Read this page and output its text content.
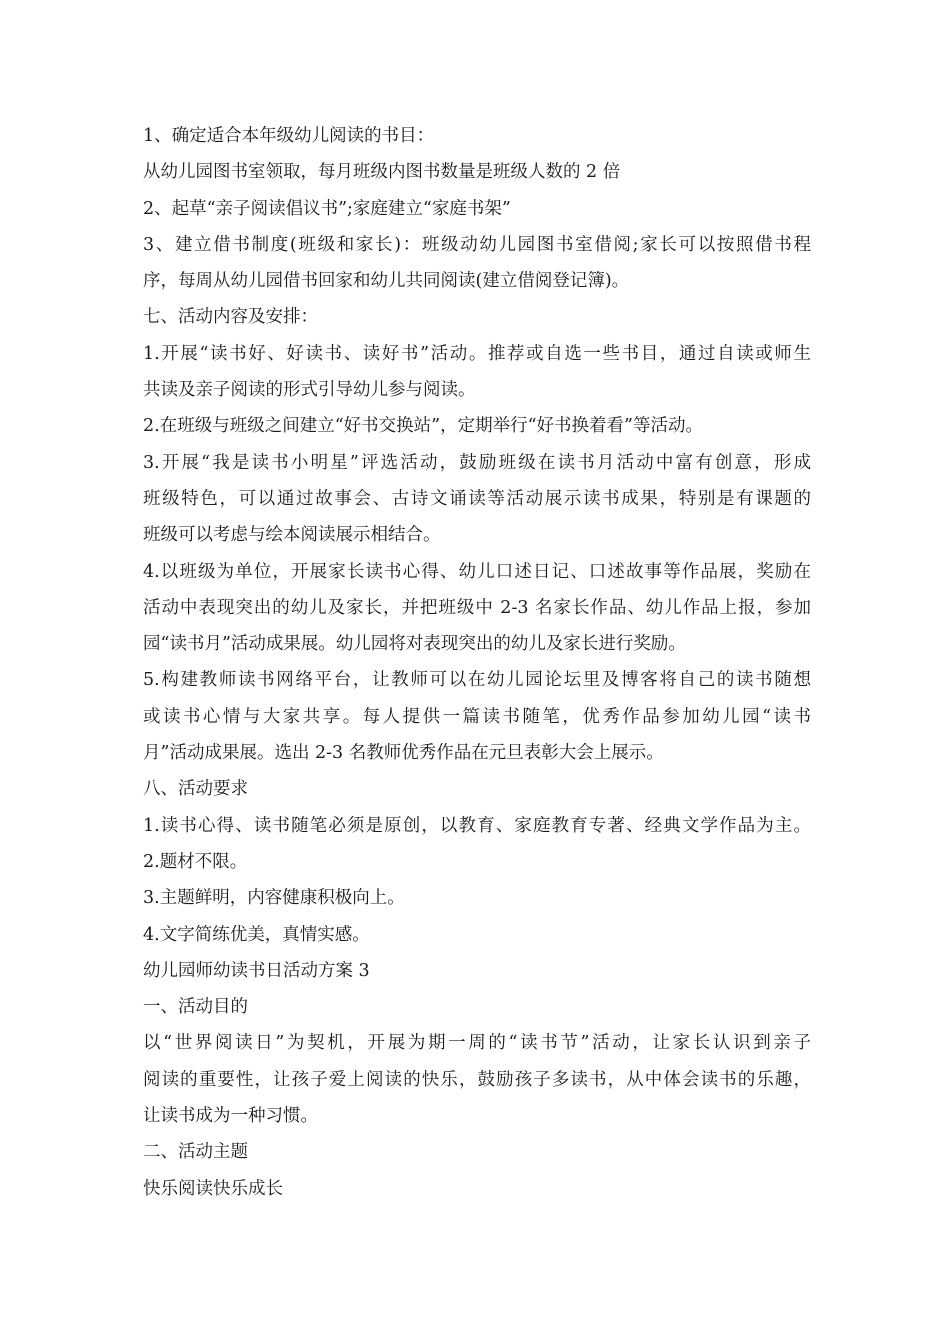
1、确定适合本年级幼儿阅读的书目：
从幼儿园图书室领取，每月班级内图书数量是班级人数的 2 倍
2、起草“亲子阅读倡议书”;家庭建立“家庭书架”
3、建立借书制度(班级和家长)：班级动幼儿园图书室借阅;家长可以按照借书程
序，每周从幼儿园借书回家和幼儿共同阅读(建立借阅登记簿)。
七、活动内容及安排：
1.开展“读书好、好读书、读好书”活动。推荐或自选一些书目，通过自读或师生
共读及亲子阅读的形式引导幼儿参与阅读。
2.在班级与班级之间建立“好书交换站”，定期举行“好书换着看”等活动。
3.开展“我是读书小明星”评选活动，鼓励班级在读书月活动中富有创意，形成
班级特色，可以通过故事会、古诗文诵读等活动展示读书成果，特别是有课题的
班级可以考虑与绘本阅读展示相结合。
4.以班级为单位，开展家长读书心得、幼儿口述日记、口述故事等作品展，奖励在
活动中表现突出的幼儿及家长，并把班级中 2-3 名家长作品、幼儿作品上报，参加
园“读书月”活动成果展。幼儿园将对表现突出的幼儿及家长进行奖励。
5.构建教师读书网络平台，让教师可以在幼儿园论坛里及博客将自己的读书随想
或读书心情与大家共享。每人提供一篇读书随笔，优秀作品参加幼儿园“读书
月”活动成果展。选出 2-3 名教师优秀作品在元旦表彰大会上展示。
八、活动要求
1.读书心得、读书随笔必须是原创，以教育、家庭教育专著、经典文学作品为主。
2.题材不限。
3.主题鲜明，内容健康积极向上。
4.文字简练优美，真情实感。
幼儿园师幼读书日活动方案 3
一、活动目的
以“世界阅读日”为契机，开展为期一周的“读书节”活动，让家长认识到亲子
阅读的重要性，让孩子爱上阅读的快乐，鼓励孩子多读书，从中体会读书的乐趣，
让读书成为一种习惯。
二、活动主题
快乐阅读快乐成长
